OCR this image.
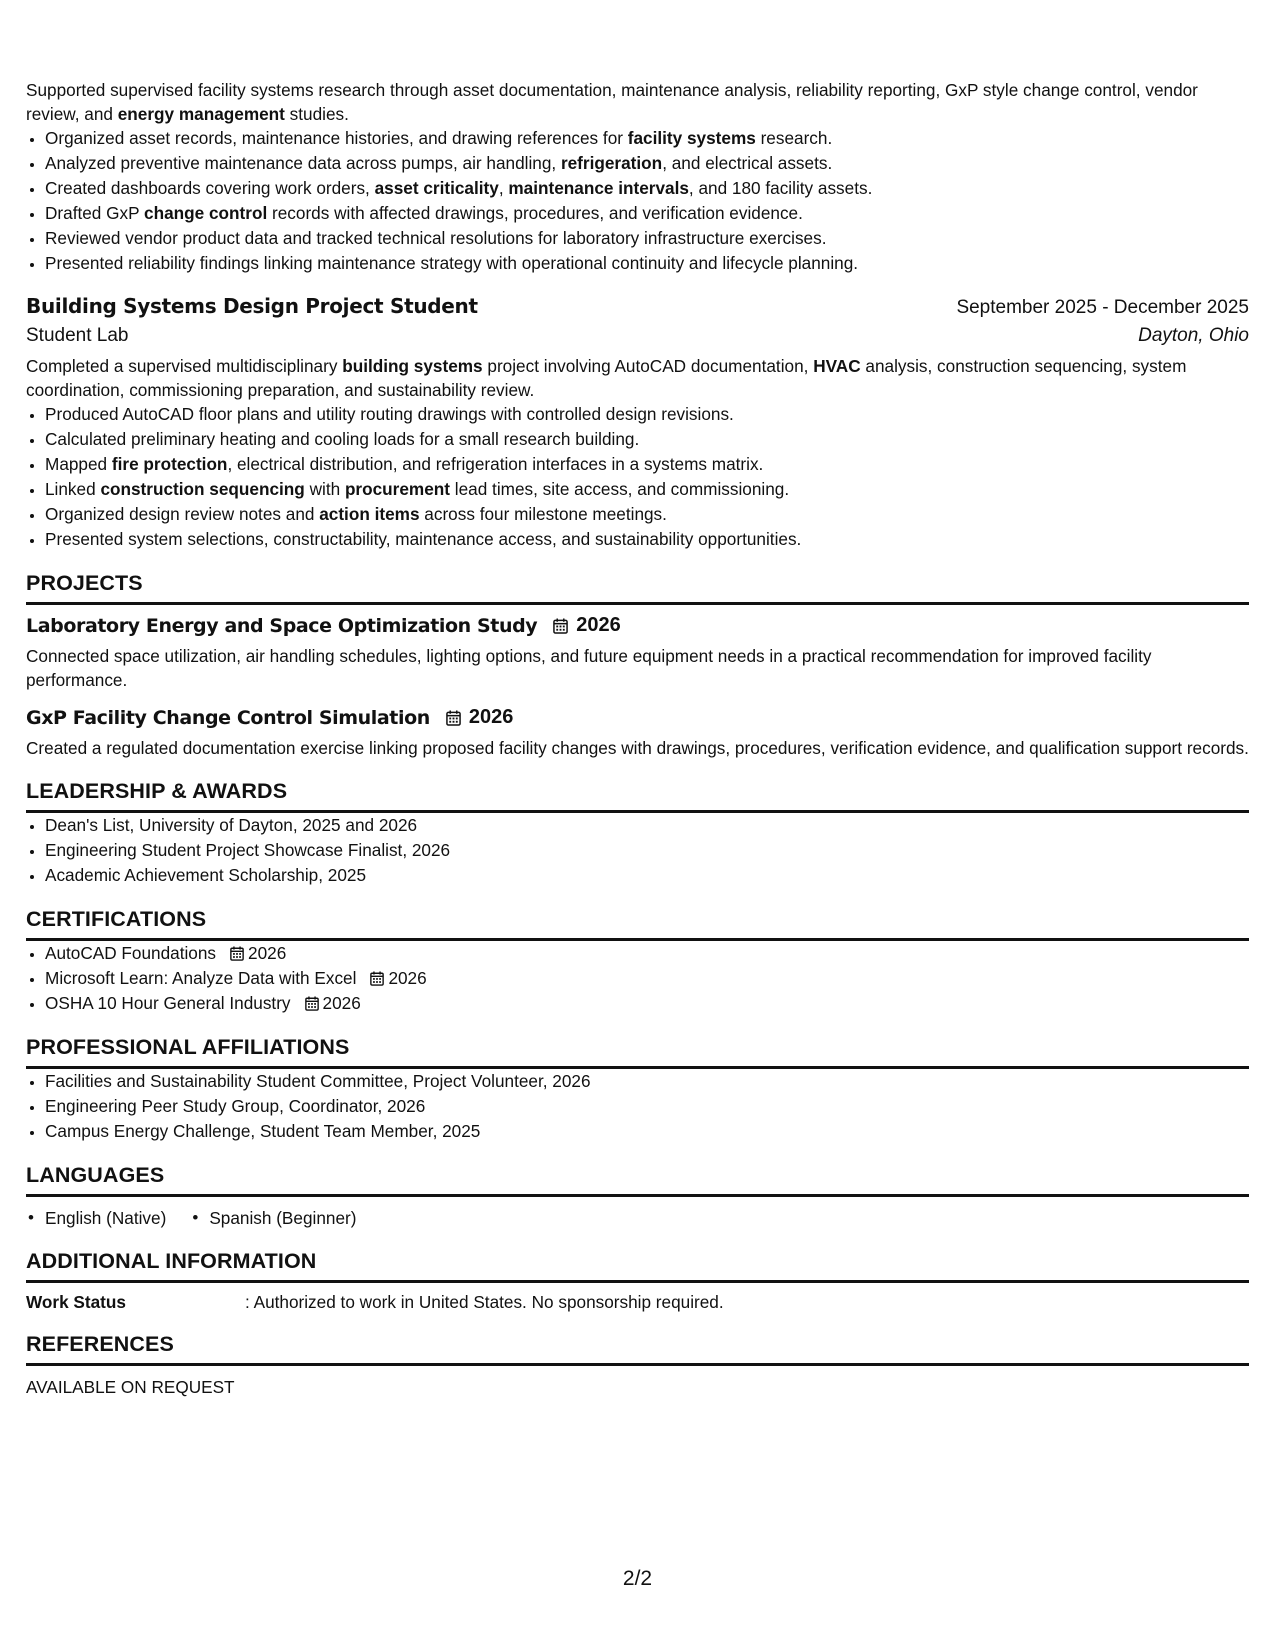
Supported supervised facility systems research through asset documentation, maintenance analysis, reliability reporting, GxP style change control, vendor review, and energy management studies.

• Organized asset records, maintenance histories, and drawing references for facility systems research.
• Analyzed preventive maintenance data across pumps, air handling, refrigeration, and electrical assets.
• Created dashboards covering work orders, asset criticality, maintenance intervals, and 180 facility assets.
• Drafted GxP change control records with affected drawings, procedures, and verification evidence.
• Reviewed vendor product data and tracked technical resolutions for laboratory infrastructure exercises.
• Presented reliability findings linking maintenance strategy with operational continuity and lifecycle planning.
Building Systems Design Project Student	September 2025 - December 2025
Student Lab	Dayton, Ohio

Completed a supervised multidisciplinary building systems project involving AutoCAD documentation, HVAC analysis, construction sequencing, system coordination, commissioning preparation, and sustainability review.

• Produced AutoCAD floor plans and utility routing drawings with controlled design revisions.
• Calculated preliminary heating and cooling loads for a small research building.
• Mapped fire protection, electrical distribution, and refrigeration interfaces in a systems matrix.
• Linked construction sequencing with procurement lead times, site access, and commissioning.
• Organized design review notes and action items across four milestone meetings.
• Presented system selections, constructability, maintenance access, and sustainability opportunities.
PROJECTS
Laboratory Energy and Space Optimization Study 2026

Connected space utilization, air handling schedules, lighting options, and future equipment needs in a practical recommendation for improved facility performance.

GxP Facility Change Control Simulation 2026

Created a regulated documentation exercise linking proposed facility changes with drawings, procedures, verification evidence, and qualification support records.

LEADERSHIP & AWARDS
• Dean's List, University of Dayton, 2025 and 2026
• Engineering Student Project Showcase Finalist, 2026
• Academic Achievement Scholarship, 2025
CERTIFICATIONS
• AutoCAD Foundations 2026
• Microsoft Learn: Analyze Data with Excel 2026
• OSHA 10 Hour General Industry 2026
PROFESSIONAL AFFILIATIONS
• Facilities and Sustainability Student Committee, Project Volunteer, 2026
• Engineering Peer Study Group, Coordinator, 2026
• Campus Energy Challenge, Student Team Member, 2025
LANGUAGES
• English (Native)
•	Spanish (Beginner)
ADDITIONAL INFORMATION
Work Status	: Authorized to work in United States. No sponsorship required.
REFERENCES
AVAILABLE ON REQUEST
2/2
